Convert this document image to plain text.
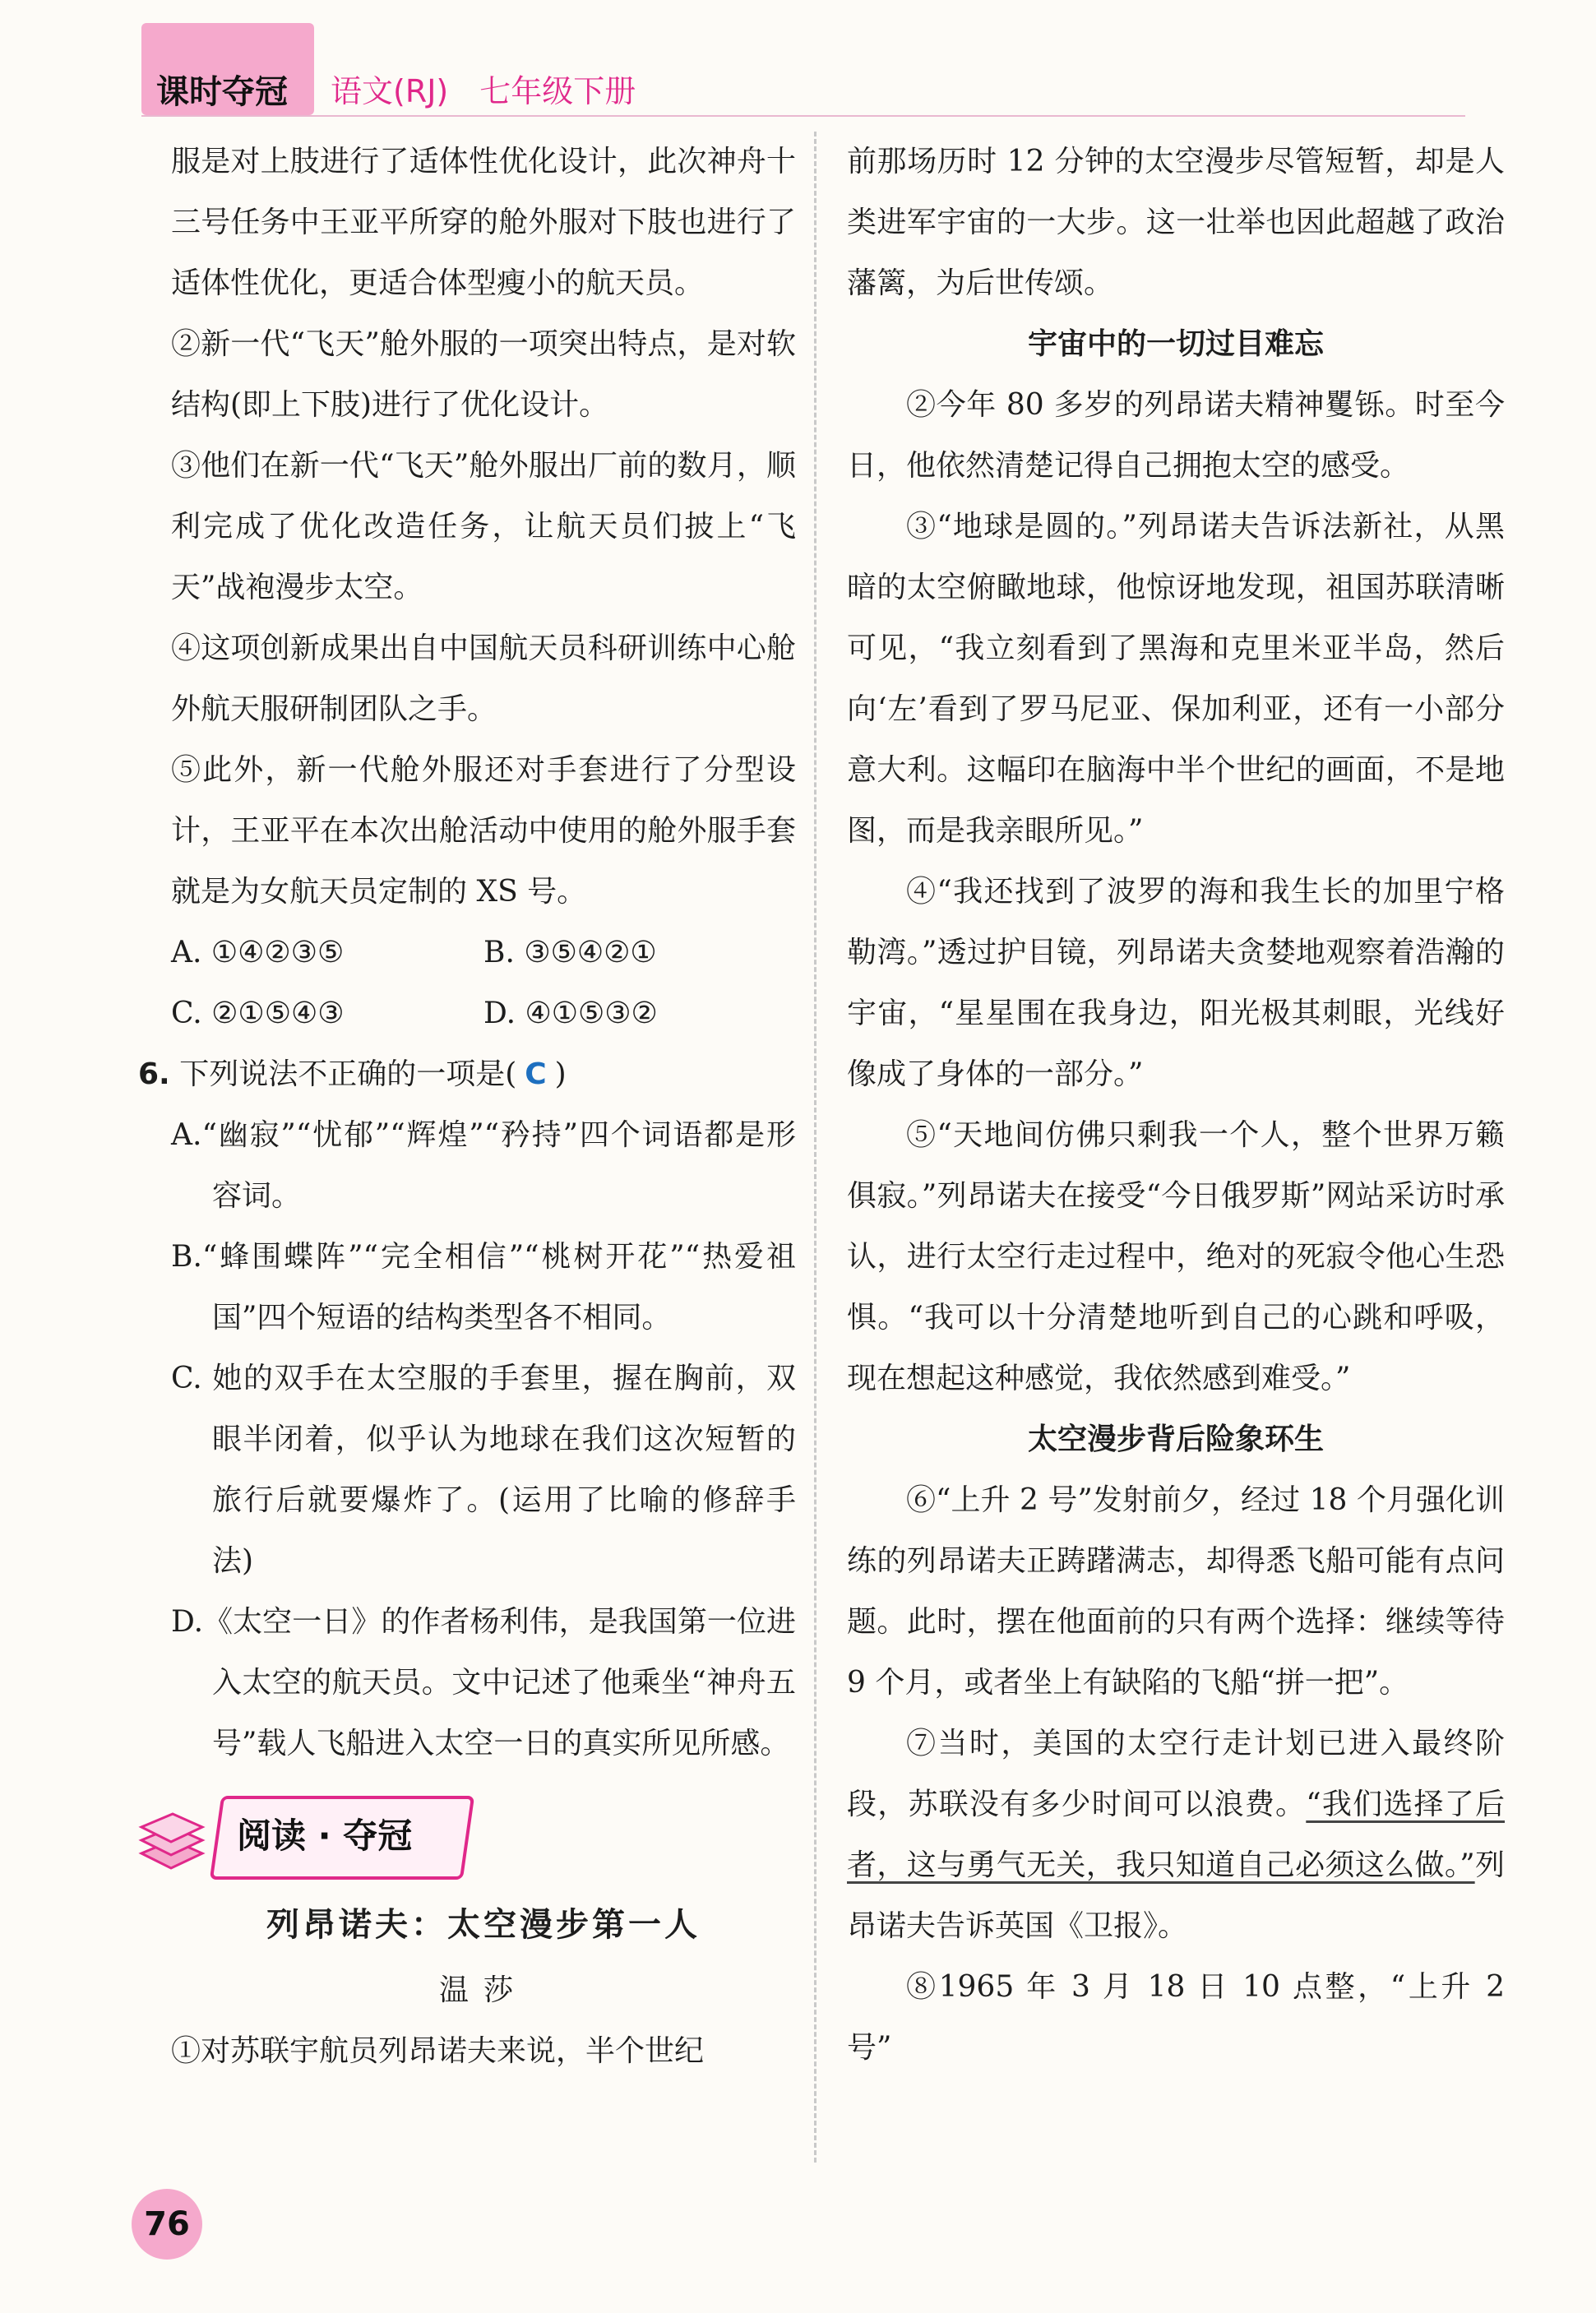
课时夺冠 语文(RJ)　七年级下册

服是对上肢进行了适体性优化设计，此次神舟十三号任务中王亚平所穿的舱外服对下肢也进行了适体性优化，更适合体型瘦小的航天员。

②新一代“飞天”舱外服的一项突出特点，是对软结构(即上下肢)进行了优化设计。

③他们在新一代“飞天”舱外服出厂前的数月，顺利完成了优化改造任务，让航天员们披上“飞天”战袍漫步太空。

④这项创新成果出自中国航天员科研训练中心舱外航天服研制团队之手。

⑤此外，新一代舱外服还对手套进行了分型设计，王亚平在本次出舱活动中使用的舱外服手套就是为女航天员定制的 XS 号。

A. ①④②③⑤	B. ③⑤④②①
C. ②①⑤④③	D. ④①⑤③②

6. 下列说法不正确的一项是( C )

A.“幽寂”“忧郁”“辉煌”“矜持”四个词语都是形容词。

B.“蜂围蝶阵”“完全相信”“桃树开花”“热爱祖国”四个短语的结构类型各不相同。

C. 她的双手在太空服的手套里，握在胸前，双眼半闭着，似乎认为地球在我们这次短暂的旅行后就要爆炸了。(运用了比喻的修辞手法)

D.《太空一日》的作者杨利伟，是我国第一位进入太空的航天员。文中记述了他乘坐“神舟五号”载人飞船进入太空一日的真实所见所感。

阅读 · 夺冠

列昂诺夫：太空漫步第一人

温莎

①对苏联宇航员列昂诺夫来说，半个世纪

前那场历时 12 分钟的太空漫步尽管短暂，却是人类进军宇宙的一大步。这一壮举也因此超越了政治藩篱，为后世传颂。

宇宙中的一切过目难忘

②今年 80 多岁的列昂诺夫精神矍铄。时至今日，他依然清楚记得自己拥抱太空的感受。

③“地球是圆的。”列昂诺夫告诉法新社，从黑暗的太空俯瞰地球，他惊讶地发现，祖国苏联清晰可见，“我立刻看到了黑海和克里米亚半岛，然后向‘左’看到了罗马尼亚、保加利亚，还有一小部分意大利。这幅印在脑海中半个世纪的画面，不是地图，而是我亲眼所见。”

④“我还找到了波罗的海和我生长的加里宁格勒湾。”透过护目镜，列昂诺夫贪婪地观察着浩瀚的宇宙，“星星围在我身边，阳光极其刺眼，光线好像成了身体的一部分。”

⑤“天地间仿佛只剩我一个人，整个世界万籁俱寂。”列昂诺夫在接受“今日俄罗斯”网站采访时承认，进行太空行走过程中，绝对的死寂令他心生恐惧。“我可以十分清楚地听到自己的心跳和呼吸，现在想起这种感觉，我依然感到难受。”

太空漫步背后险象环生

⑥“上升 2 号”发射前夕，经过 18 个月强化训练的列昂诺夫正踌躇满志，却得悉飞船可能有点问题。此时，摆在他面前的只有两个选择：继续等待 9 个月，或者坐上有缺陷的飞船“拼一把”。

⑦当时，美国的太空行走计划已进入最终阶段，苏联没有多少时间可以浪费。“我们选择了后者，这与勇气无关，我只知道自己必须这么做。”列昂诺夫告诉英国《卫报》。

⑧1965 年 3 月 18 日 10 点整，“上升 2 号”

76
